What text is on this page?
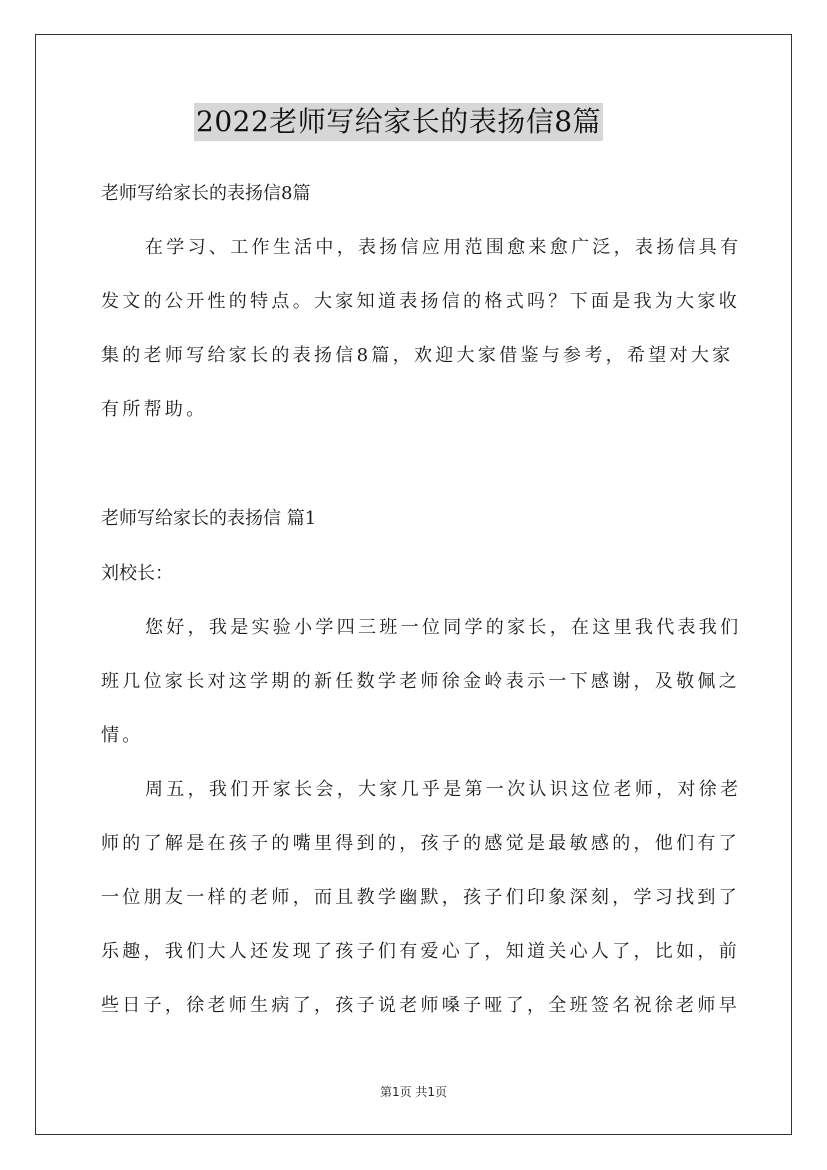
2022老师写给家长的表扬信8篇
老师写给家长的表扬信8篇
在学习、工作生活中，表扬信应用范围愈来愈广泛，表扬信具有
发文的公开性的特点。大家知道表扬信的格式吗？下面是我为大家收
集的老师写给家长的表扬信8篇，欢迎大家借鉴与参考，希望对大家
有所帮助。
老师写给家长的表扬信 篇1
刘校长：
您好，我是实验小学四三班一位同学的家长，在这里我代表我们
班几位家长对这学期的新任数学老师徐金岭表示一下感谢，及敬佩之
情。
周五，我们开家长会，大家几乎是第一次认识这位老师，对徐老
师的了解是在孩子的嘴里得到的，孩子的感觉是最敏感的，他们有了
一位朋友一样的老师，而且教学幽默，孩子们印象深刻，学习找到了
乐趣，我们大人还发现了孩子们有爱心了，知道关心人了，比如，前
些日子，徐老师生病了，孩子说老师嗓子哑了，全班签名祝徐老师早
第1页 共1页
